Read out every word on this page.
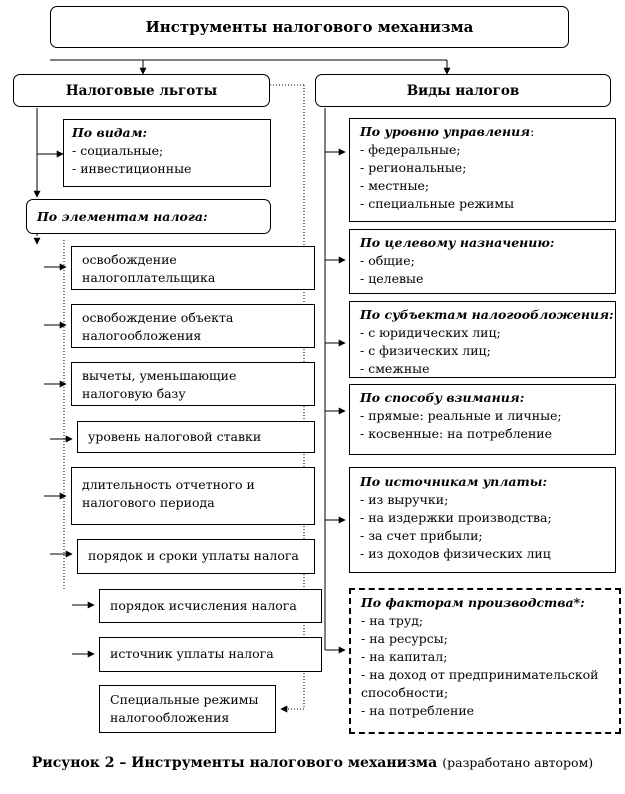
Инструменты налогового механизма
Налоговые льготы	Виды налогов
По видам:
- социальные;
- инвестиционные
По элементам налога:
освобождение налогоплательщика
освобождение объекта налогообложения
вычеты, уменьшающие налоговую базу
уровень налоговой ставки
длительность отчетного и налогового периода
порядок и сроки уплаты налога
порядок исчисления налога
источник уплаты налога
Специальные режимы налогообложения
По уровню управления:
- федеральные;
- региональные;
- местные;
- специальные режимы
По целевому назначению:
- общие;
- целевые
По субъектам налогообложения:
- с юридических лиц;
- с физических лиц;
- смежные
По способу взимания:
- прямые: реальные и личные;
- косвенные: на потребление
По источникам уплаты:
- из выручки;
- на издержки производства;
- за счет прибыли;
- из доходов физических лиц
По факторам производства*:
- на труд;
- на ресурсы;
- на капитал;
- на доход от предпринимательской способности;
- на потребление
Рисунок 2 – Инструменты налогового механизма (разработано автором)
